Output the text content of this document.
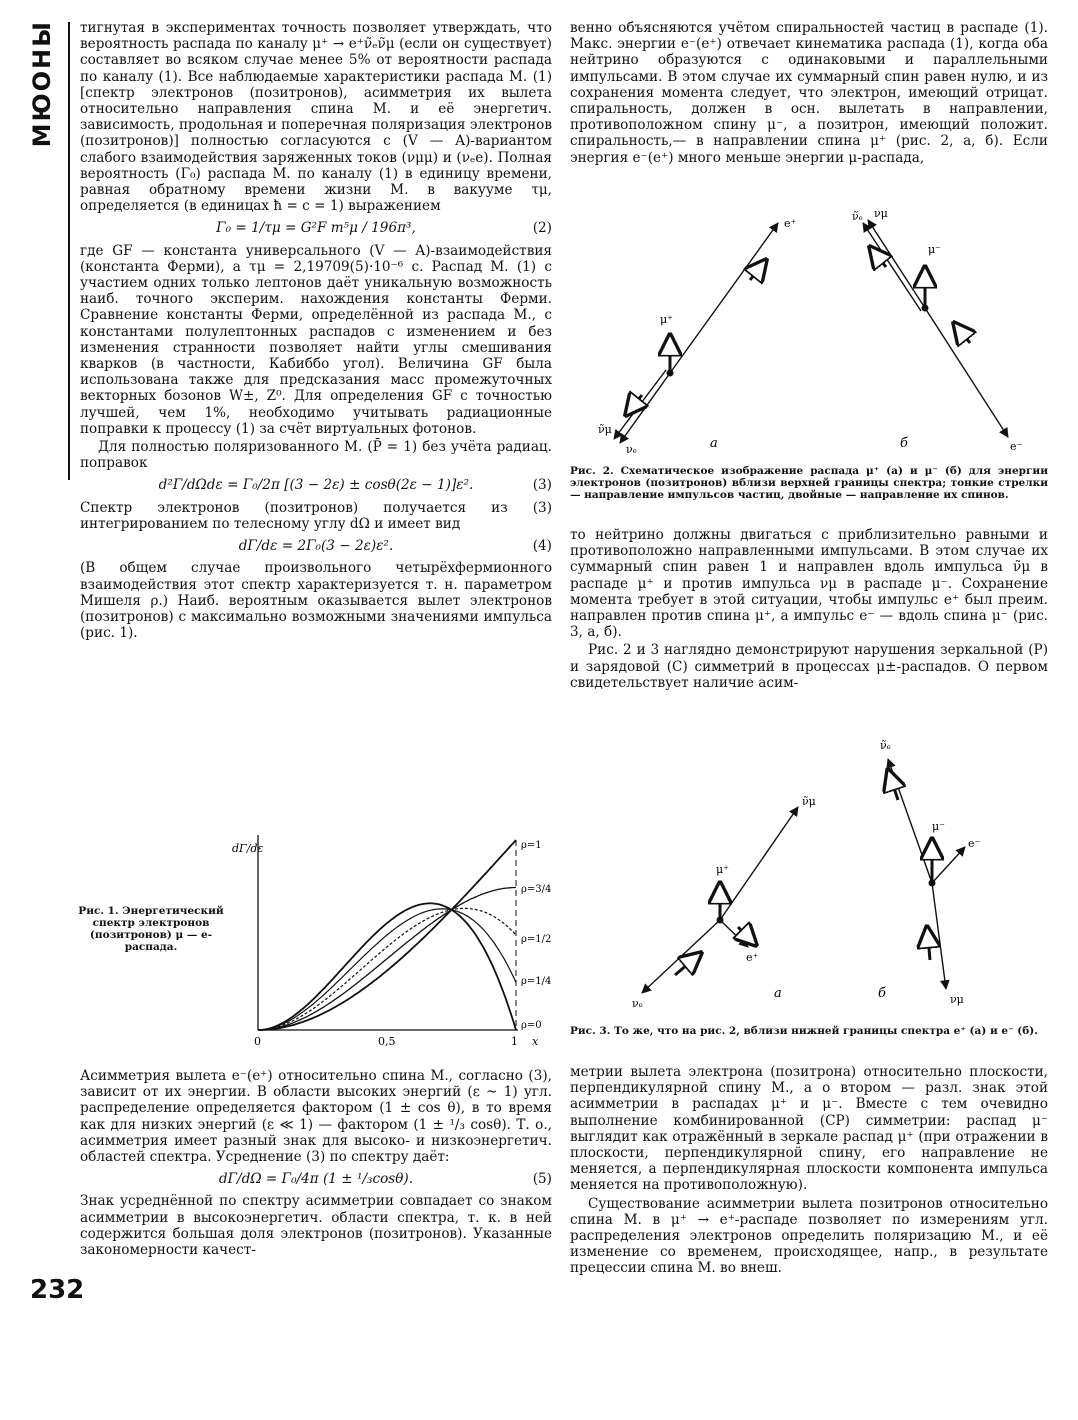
МЮОНЫ
232

тигнутая в экспериментах точность позволяет утверждать, что вероятность распада по каналу μ⁺ → e⁺ν̃ₑν̃μ (если он существует) составляет во всяком случае менее 5% от вероятности распада по каналу (1). Все наблюдаемые характеристики распада М. (1) [спектр электронов (позитронов), асимметрия их вылета относительно направления спина М. и её энергетич. зависимость, продольная и поперечная поляризация электронов (позитронов)] полностью согласуются с (V — A)-вариантом слабого взаимодействия заряженных токов (νμμ) и (νₑe). Полная вероятность (Γ₀) распада М. по каналу (1) в единицу времени, равная обратному времени жизни М. в вакууме τμ, определяется (в единицах ħ = c = 1) выражением

Γ₀ = 1/τμ = G²F m⁵μ / 196π³,	(2)

где GF — константа универсального (V — A)-взаимодействия (константа Ферми), а τμ = 2,19709(5)·10⁻⁶ с. Распад М. (1) с участием одних только лептонов даёт уникальную возможность наиб. точного эксперим. нахождения константы Ферми. Сравнение константы Ферми, определённой из распада М., с константами полулептонных распадов с изменением и без изменения странности позволяет найти углы смешивания кварков (в частности, Кабиббо угол). Величина GF была использована также для предсказания масс промежуточных векторных бозонов W±, Z⁰. Для определения GF с точностью лучшей, чем 1%, необходимо учитывать радиационные поправки к процессу (1) за счёт виртуальных фотонов.

Для полностью поляризованного М. (P̄ = 1) без учёта радиац. поправок

d²Γ/dΩdε = Γ₀/2π [(3 − 2ε) ± cosθ(2ε − 1)]ε².	(3)

Спектр электронов (позитронов) получается из (3) интегрированием по телесному углу dΩ и имеет вид

dΓ/dε = 2Γ₀(3 − 2ε)ε².	(4)

(В общем случае произвольного четырёхфермионного взаимодействия этот спектр характеризуется т. н. параметром Мишеля ρ.) Наиб. вероятным оказывается вылет электронов (позитронов) с максимально возможными значениями импульса (рис. 1).

Рис. 1. Энергетический спектр электронов (позитронов) μ — e-распада.
dΓ/dε
0	0,5	1 x
ρ=1
ρ=3/4
ρ=1/2
ρ=1/4
ρ=0

Асимметрия вылета e⁻(e⁺) относительно спина М., согласно (3), зависит от их энергии. В области высоких энергий (ε ~ 1) угл. распределение определяется фактором (1 ± cos θ), в то время как для низких энергий (ε ≪ 1) — фактором (1 ± ¹/₃ cosθ). Т. о., асимметрия имеет разный знак для высоко- и низкоэнергетич. областей спектра. Усреднение (3) по спектру даёт:

dΓ/dΩ = Γ₀/4π (1 ± ¹/₃cosθ).	(5)

Знак усреднённой по спектру асимметрии совпадает со знаком асимметрии в высокоэнергетич. области спектра, т. к. в ней содержится большая доля электронов (позитронов). Указанные закономерности качест-

венно объясняются учётом спиральностей частиц в распаде (1). Макс. энергии e⁻(e⁺) отвечает кинематика распада (1), когда оба нейтрино образуются с одинаковыми и параллельными импульсами. В этом случае их суммарный спин равен нулю, и из сохранения момента следует, что электрон, имеющий отрицат. спиральность, должен в осн. вылетать в направлении, противоположном спину μ⁻, а позитрон, имеющий положит. спиральность,— в направлении спина μ⁺ (рис. 2, а, б). Если энергия e⁻(e⁺) много меньше энергии μ-распада,

e⁺
μ⁺
ν̃μ
νₑ	а
ν̃ₑ νμ
μ⁻
e⁻
б
Рис. 2. Схематическое изображение распада μ⁺ (а) и μ⁻ (б) для энергии электронов (позитронов) вблизи верхней границы спектра; тонкие стрелки — направление импульсов частиц, двойные — направление их спинов.

то нейтрино должны двигаться с приблизительно равными и противоположно направленными импульсами. В этом случае их суммарный спин равен 1 и направлен вдоль импульса ν̃μ в распаде μ⁺ и против импульса νμ в распаде μ⁻. Сохранение момента требует в этой ситуации, чтобы импульс e⁺ был преим. направлен против спина μ⁺, а импульс e⁻ — вдоль спина μ⁻ (рис. 3, а, б).

Рис. 2 и 3 наглядно демонстрируют нарушения зеркальной (P) и зарядовой (C) симметрий в процессах μ±-распадов. О первом свидетельствует наличие асим-

ν̃μ
μ⁺
e⁺
νₑ
а
ν̃ₑ
μ⁻
e⁻
νμ
б
Рис. 3. То же, что на рис. 2, вблизи нижней границы спектра e⁺ (а) и e⁻ (б).

метрии вылета электрона (позитрона) относительно плоскости, перпендикулярной спину М., а о втором — разл. знак этой асимметрии в распадах μ⁺ и μ⁻. Вместе с тем очевидно выполнение комбинированной (CP) симметрии: распад μ⁻ выглядит как отражённый в зеркале распад μ⁺ (при отражении в плоскости, перпендикулярной спину, его направление не меняется, а перпендикулярная плоскости компонента импульса меняется на противоположную).

Существование асимметрии вылета позитронов относительно спина М. в μ⁺ → e⁺-распаде позволяет по измерениям угл. распределения электронов определить поляризацию М., и её изменение со временем, происходящее, напр., в результате прецессии спина М. во внеш.
